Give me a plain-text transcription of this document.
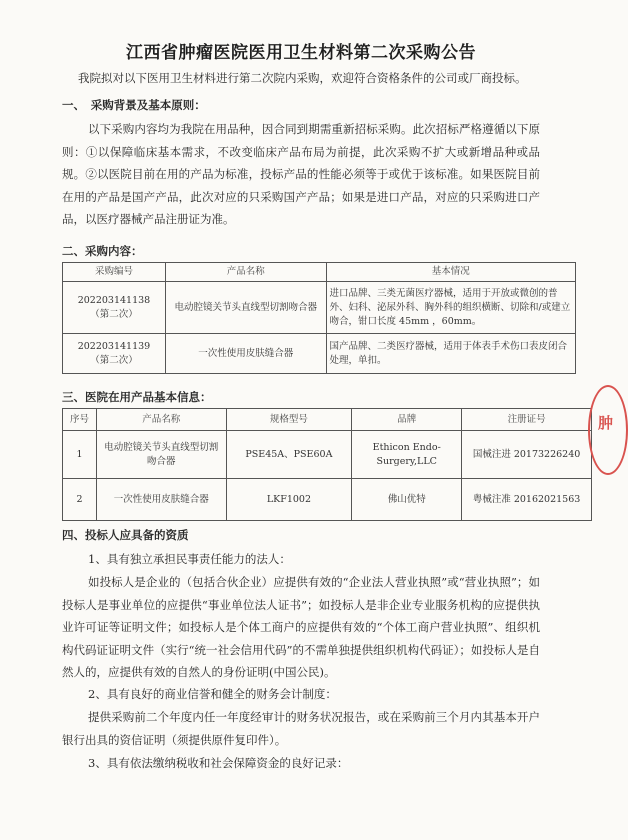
江西省肿瘤医院医用卫生材料第二次采购公告
我院拟对以下医用卫生材料进行第二次院内采购，欢迎符合资格条件的公司或厂商投标。
一、　采购背景及基本原则：
以下采购内容均为我院在用品种，因合同到期需重新招标采购。此次招标严格遵循以下原则：①以保障临床基本需求，不改变临床产品布局为前提，此次采购不扩大或新增品种或品规。②以医院目前在用的产品为标准，投标产品的性能必须等于或优于该标准。如果医院目前在用的产品是国产产品，此次对应的只采购国产产品；如果是进口产品，对应的只采购进口产品，以医疗器械产品注册证为准。
二、采购内容：
采购编号	产品名称	基本情况

202203141138
（第二次）	电动腔镜关节头直线型切割吻合器	进口品牌、三类无菌医疗器械，适用于开放或微创的普外、妇科、泌尿外科、胸外科的组织横断、切除和/或建立吻合，钳口长度 45mm ，60mm。

202203141139
（第二次）	一次性使用皮肤缝合器	国产品牌、二类医疗器械，适用于体表手术伤口表皮闭合处理，单扣。
三、医院在用产品基本信息：
序号	产品名称	规格型号	品牌	注册证号
1	电动腔镜关节头直线型切割吻合器	PSE45A、PSE60A	Ethicon Endo-Surgery,LLC	国械注进 20173226240
2	一次性使用皮肤缝合器	LKF1002	佛山优特	粤械注准 20162021563
肿
四、投标人应具备的资质
1、具有独立承担民事责任能力的法人：
如投标人是企业的（包括合伙企业）应提供有效的“企业法人营业执照”或“营业执照”；如投标人是事业单位的应提供“事业单位法人证书”；如投标人是非企业专业服务机构的应提供执业许可证等证明文件；如投标人是个体工商户的应提供有效的“个体工商户营业执照”、组织机构代码证证明文件（实行“统一社会信用代码”的不需单独提供组织机构代码证）；如投标人是自然人的，应提供有效的自然人的身份证明(中国公民)。
2、具有良好的商业信誉和健全的财务会计制度：
提供采购前二个年度内任一年度经审计的财务状况报告，或在采购前三个月内其基本开户银行出具的资信证明（须提供原件复印件）。
3、具有依法缴纳税收和社会保障资金的良好记录：
